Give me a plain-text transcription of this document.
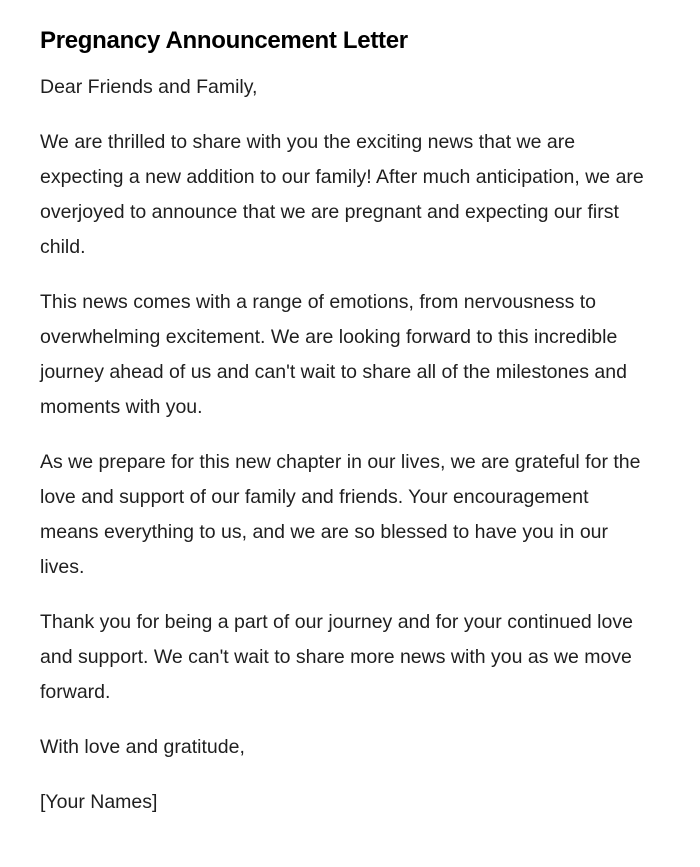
Pregnancy Announcement Letter

Dear Friends and Family,

We are thrilled to share with you the exciting news that we are expecting a new addition to our family! After much anticipation, we are overjoyed to announce that we are pregnant and expecting our first child.

This news comes with a range of emotions, from nervousness to overwhelming excitement. We are looking forward to this incredible journey ahead of us and can't wait to share all of the milestones and moments with you.

As we prepare for this new chapter in our lives, we are grateful for the love and support of our family and friends. Your encouragement means everything to us, and we are so blessed to have you in our lives.

Thank you for being a part of our journey and for your continued love and support. We can't wait to share more news with you as we move forward.

With love and gratitude,

[Your Names]
